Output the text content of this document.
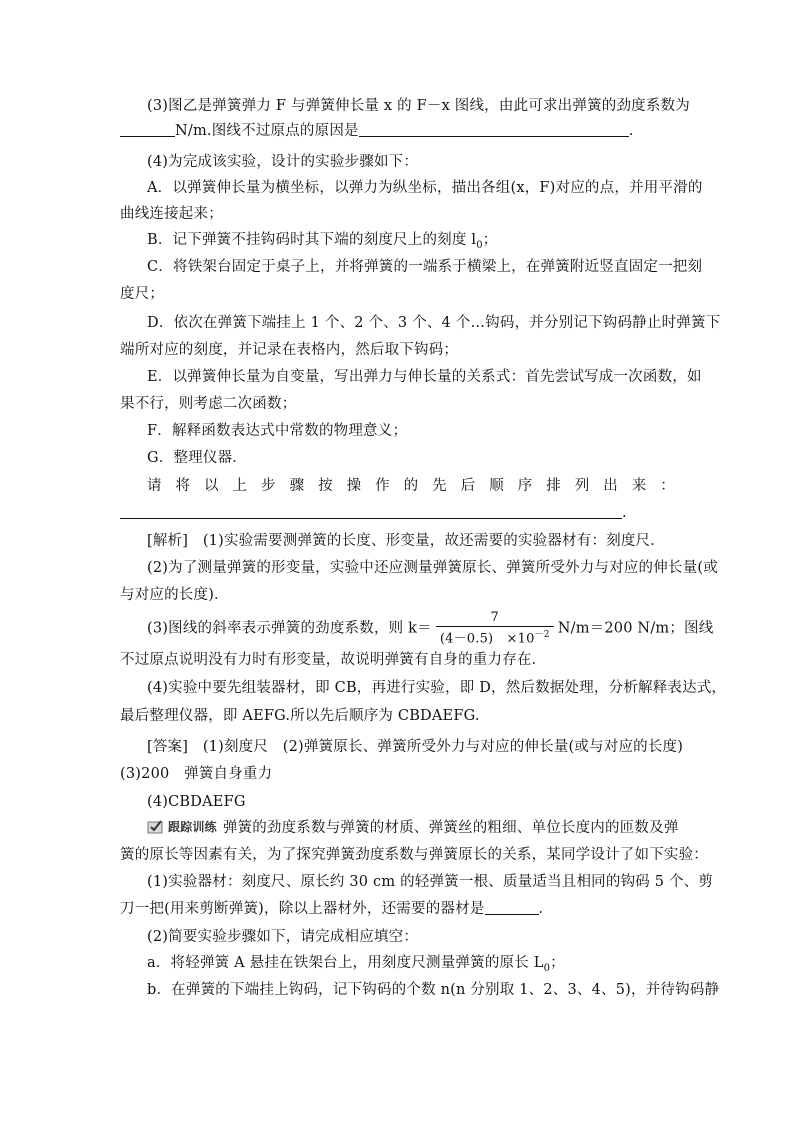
(3)图乙是弹簧弹力 F 与弹簧伸长量 x 的 F－x 图线，由此可求出弹簧的劲度系数为
N/m.图线不过原点的原因是	.
(4)为完成该实验，设计的实验步骤如下：
A．以弹簧伸长量为横坐标，以弹力为纵坐标，描出各组(x，F)对应的点，并用平滑的
曲线连接起来；
B．记下弹簧不挂钩码时其下端的刻度尺上的刻度 $l_0$；
C．将铁架台固定于桌子上，并将弹簧的一端系于横梁上，在弹簧附近竖直固定一把刻
度尺；
D．依次在弹簧下端挂上 1 个、2 个、3 个、4 个…钩码，并分别记下钩码静止时弹簧下
端所对应的刻度，并记录在表格内，然后取下钩码；
E．以弹簧伸长量为自变量，写出弹力与伸长量的关系式：首先尝试写成一次函数，如
果不行，则考虑二次函数；
F．解释函数表达式中常数的物理意义；
G．整理仪器．
请 将 以 上 步 骤 按 操 作 的 先 后 顺 序 排 列 出 来 ：
.
[解析]　(1)实验需要测弹簧的长度、形变量，故还需要的实验器材有：刻度尺．
(2)为了测量弹簧的形变量，实验中还应测量弹簧原长、弹簧所受外力与对应的伸长量(或
与对应的长度)．
(3)图线的斜率表示弹簧的劲度系数，则 $k= \frac{7}{(4-0.5) \times 10^{-2}} N/m=200$ N/m；图线
不过原点说明没有力时有形变量，故说明弹簧有自身的重力存在．
(4)实验中要先组装器材，即 CB，再进行实验，即 D，然后数据处理，分析解释表达式，
最后整理仪器，即 AEFG.所以先后顺序为 CBDAEFG.
[答案]　(1)刻度尺　(2)弹簧原长、弹簧所受外力与对应的伸长量(或与对应的长度)
(3)200　弹簧自身重力
(4)CBDAEFG
跟踪训练 弹簧的劲度系数与弹簧的材质、弹簧丝的粗细、单位长度内的匝数及弹
簧的原长等因素有关，为了探究弹簧劲度系数与弹簧原长的关系，某同学设计了如下实验：
(1)实验器材：刻度尺、原长约 30 cm 的轻弹簧一根、质量适当且相同的钩码 5 个、剪
刀一把(用来剪断弹簧)，除以上器材外，还需要的器材是	．
(2)简要实验步骤如下，请完成相应填空：
a．将轻弹簧 A 悬挂在铁架台上，用刻度尺测量弹簧的原长 $L_0$；
b．在弹簧的下端挂上钩码，记下钩码的个数 n(n 分别取 1、2、3、4、5)，并待钩码静
